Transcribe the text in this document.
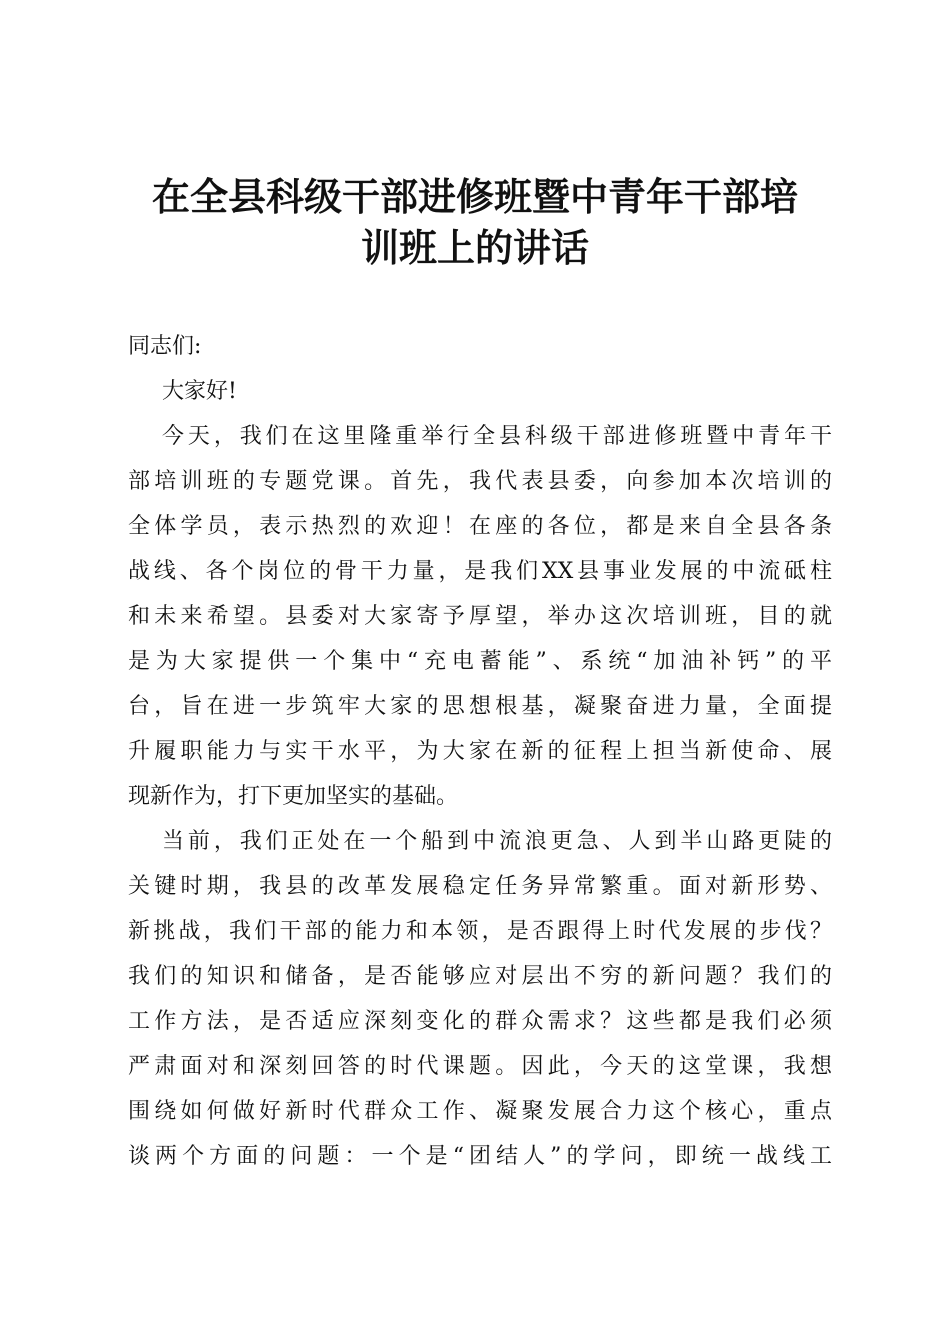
在全县科级干部进修班暨中青年干部培
训班上的讲话
同志们:
大家好!
今天，我们在这里隆重举行全县科级干部进修班暨中青年干
部培训班的专题党课。首先，我代表县委，向参加本次培训的
全体学员，表示热烈的欢迎！在座的各位，都是来自全县各条
战线、各个岗位的骨干力量，是我们XX县事业发展的中流砥柱
和未来希望。县委对大家寄予厚望，举办这次培训班，目的就
是为大家提供一个集中“充电蓄能”、系统“加油补钙”的平
台，旨在进一步筑牢大家的思想根基，凝聚奋进力量，全面提
升履职能力与实干水平，为大家在新的征程上担当新使命、展
现新作为，打下更加坚实的基础。
当前，我们正处在一个船到中流浪更急、人到半山路更陡的
关键时期，我县的改革发展稳定任务异常繁重。面对新形势、
新挑战，我们干部的能力和本领，是否跟得上时代发展的步伐？
我们的知识和储备，是否能够应对层出不穷的新问题？我们的
工作方法，是否适应深刻变化的群众需求？这些都是我们必须
严肃面对和深刻回答的时代课题。因此，今天的这堂课，我想
围绕如何做好新时代群众工作、凝聚发展合力这个核心，重点
谈两个方面的问题：一个是“团结人”的学问，即统一战线工
